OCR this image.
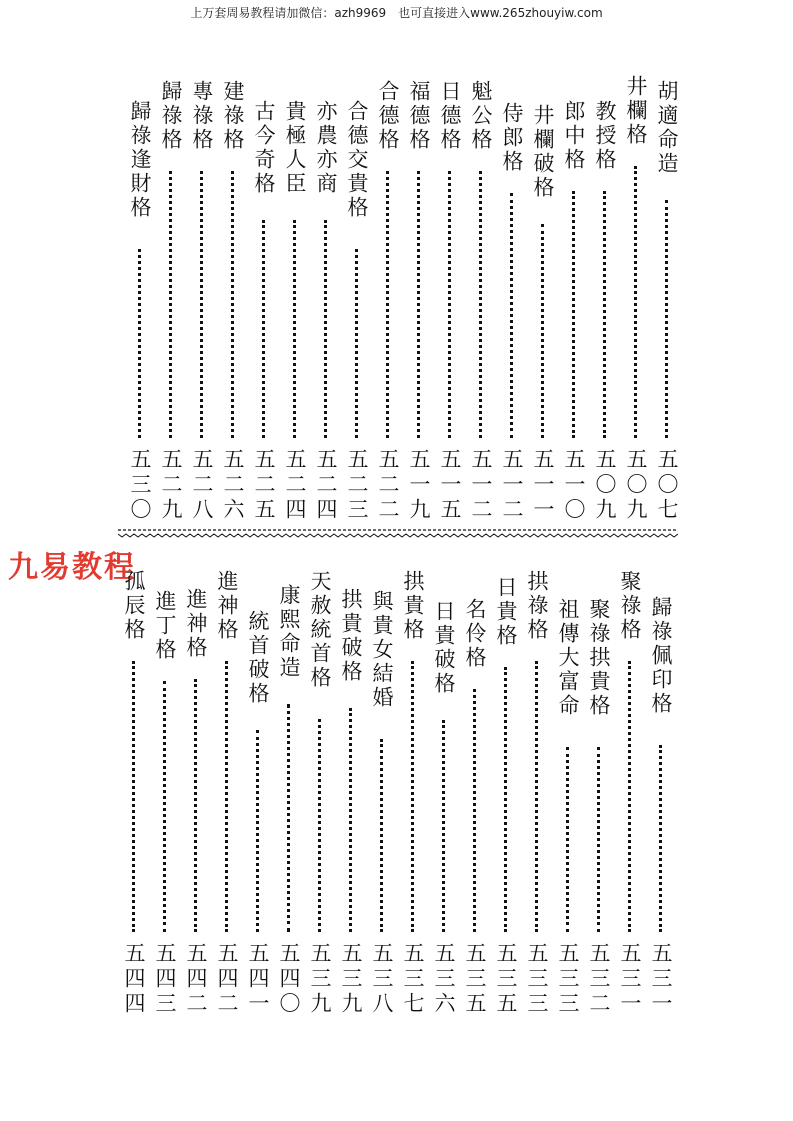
上万套周易教程请加微信：azh9969　也可直接进入www.265zhouyiw.com
胡適命造
五〇七
井欄格
五〇九
教授格
五〇九
郎中格
五一〇
井欄破格
五一一
侍郎格
五一二
魁公格
五一二
日德格
五一五
福德格
五一九
合德格
五二二
合德交貴格
五二三
亦農亦商
五二四
貴極人臣
五二四
古今奇格
五二五
建祿格
五二六
專祿格
五二八
歸祿格
五二九
歸祿逢財格
五三〇
九易教程
歸祿佩印格
五三一
聚祿格
五三一
聚祿拱貴格
五三二
祖傳大富命
五三三
拱祿格
五三三
日貴格
五三五
名伶格
五三五
日貴破格
五三六
拱貴格
五三七
與貴女結婚
五三八
拱貴破格
五三九
天赦統首格
五三九
康熙命造
五四〇
統首破格
五四一
進神格
五四二
進神格
五四二
進丁格
五四三
孤辰格
五四四
